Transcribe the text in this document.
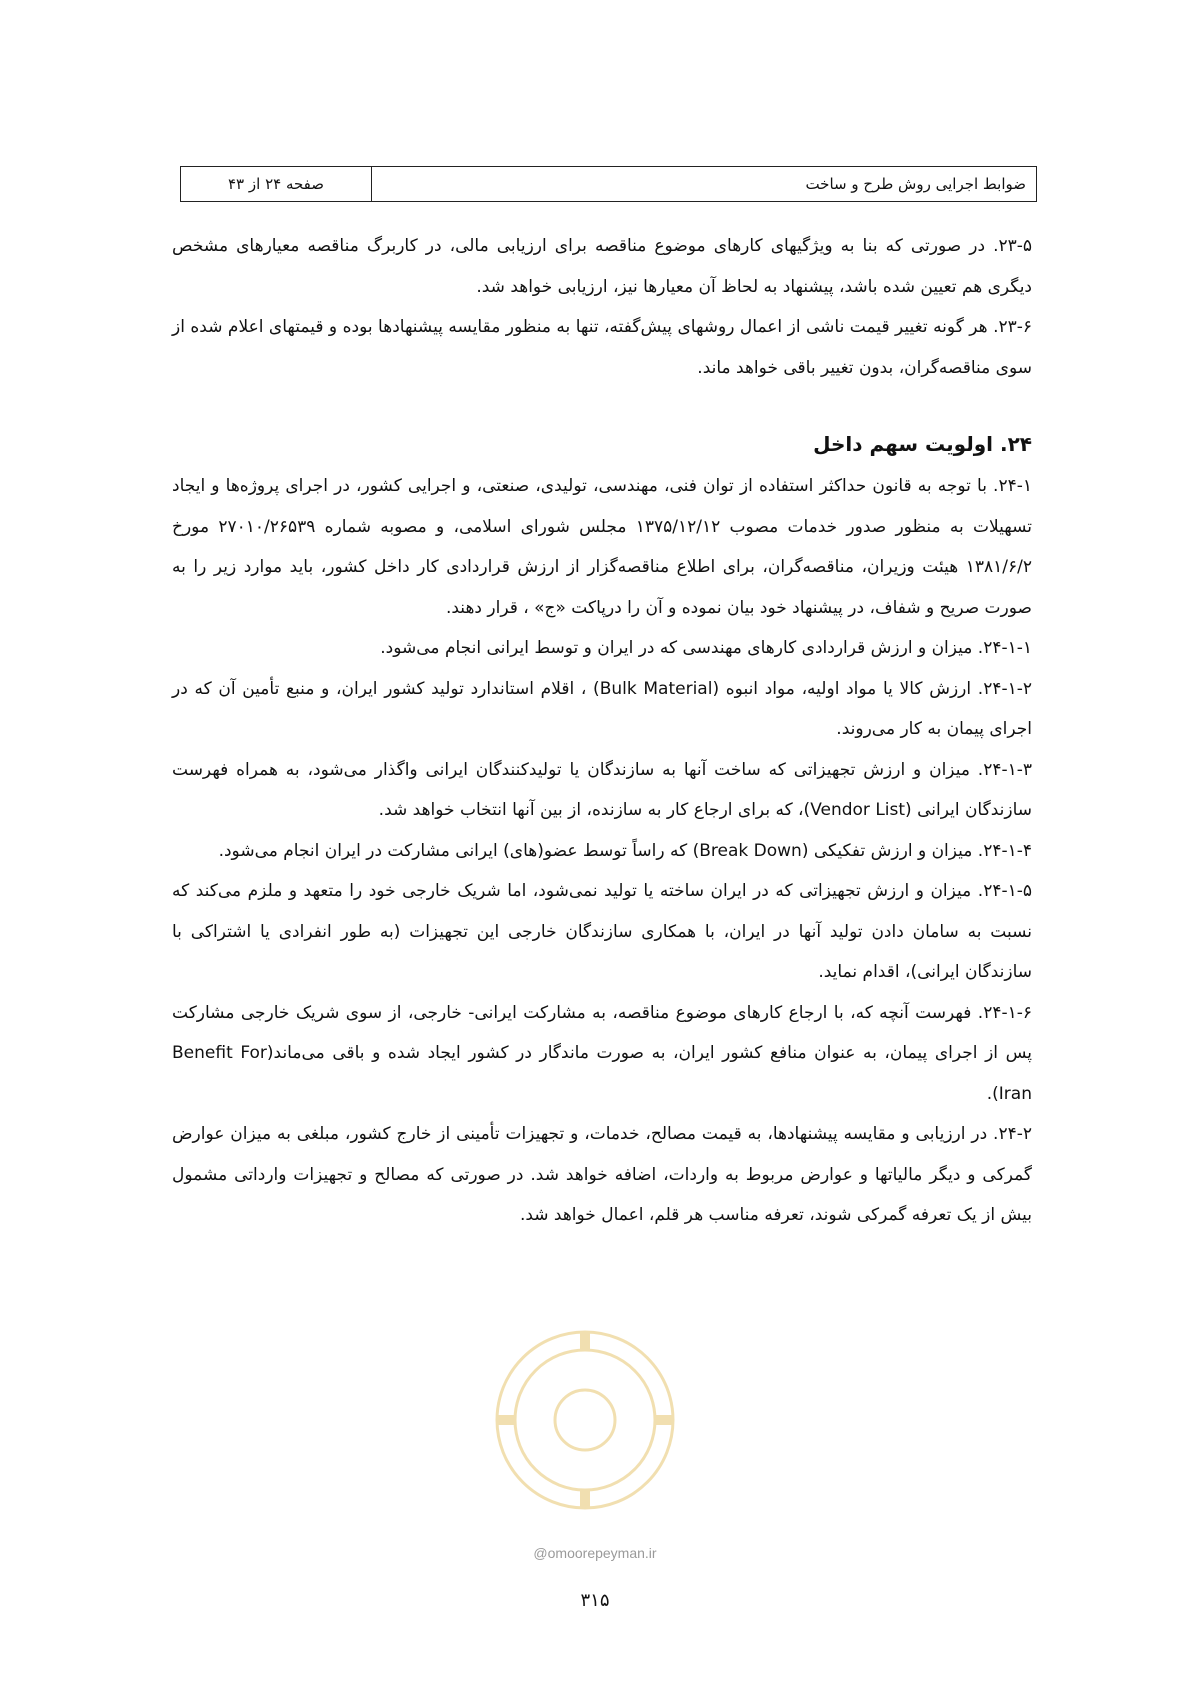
ضوابط اجرایی روش طرح و ساخت
صفحه ۲۴ از ۴۳

۲۳-۵. در صورتی که بنا به ویژگیهای کارهای موضوع مناقصه برای ارزیابی مالی، در کاربرگ مناقصه معیارهای مشخص دیگری هم تعیین شده باشد، پیشنهاد به لحاظ آن معیارها نیز، ارزیابی خواهد شد.

۲۳-۶. هر گونه تغییر قیمت ناشی از اعمال روشهای پیش‌گفته، تنها به منظور مقایسه پیشنهادها بوده و قیمتهای اعلام شده از سوی مناقصه‌گران، بدون تغییر باقی خواهد ماند.

۲۴. اولویت سهم داخل

۲۴-۱. با توجه به قانون حداکثر استفاده از توان فنی، مهندسی، تولیدی، صنعتی، و اجرایی کشور، در اجرای پروژه‌ها و ایجاد تسهیلات به منظور صدور خدمات مصوب ۱۳۷۵/۱۲/۱۲ مجلس شورای اسلامی، و مصوبه شماره ۲۷۰۱۰/۲۶۵۳۹ مورخ ۱۳۸۱/۶/۲ هیئت وزیران، مناقصه‌گران، برای اطلاع مناقصه‌گزار از ارزش قراردادی کار داخل کشور، باید موارد زیر را به صورت صریح و شفاف، در پیشنهاد خود بیان نموده و آن را درپاکت «ج» ، قرار دهند.

۲۴-۱-۱. میزان و ارزش قراردادی کارهای مهندسی که در ایران و توسط ایرانی انجام می‌شود.

۲۴-۱-۲. ارزش کالا یا مواد اولیه، مواد انبوه (Bulk Material) ، اقلام استاندارد تولید کشور ایران، و منبع تأمین آن که در اجرای پیمان به کار می‌روند.

۲۴-۱-۳. میزان و ارزش تجهیزاتی که ساخت آنها به سازندگان یا تولیدکنندگان ایرانی واگذار می‌شود، به همراه فهرست سازندگان ایرانی (Vendor List)، که برای ارجاع کار به سازنده، از بین آنها انتخاب خواهد شد.

۲۴-۱-۴. میزان و ارزش تفکیکی (Break Down) که راساً توسط عضو(های) ایرانی مشارکت در ایران انجام می‌شود.

۲۴-۱-۵. میزان و ارزش تجهیزاتی که در ایران ساخته یا تولید نمی‌شود، اما شریک خارجی خود را متعهد و ملزم می‌کند که نسبت به سامان دادن تولید آنها در ایران، با همکاری سازندگان خارجی این تجهیزات (به طور انفرادی یا اشتراکی با سازندگان ایرانی)، اقدام نماید.

۲۴-۱-۶. فهرست آنچه که، با ارجاع کارهای موضوع مناقصه، به مشارکت ایرانی- خارجی، از سوی شریک خارجی مشارکت پس از اجرای پیمان، به عنوان منافع کشور ایران، به صورت ماندگار در کشور ایجاد شده و باقی می‌ماند(Benefit For Iran).

۲۴-۲. در ارزیابی و مقایسه پیشنهادها، به قیمت مصالح، خدمات، و تجهیزات تأمینی از خارج کشور، مبلغی به میزان عوارض گمرکی و دیگر مالیاتها و عوارض مربوط به واردات، اضافه خواهد شد. در صورتی که مصالح و تجهیزات وارداتی مشمول بیش از یک تعرفه گمرکی شوند، تعرفه مناسب هر قلم، اعمال خواهد شد.

@omoorepeyman.ir
۳۱۵
